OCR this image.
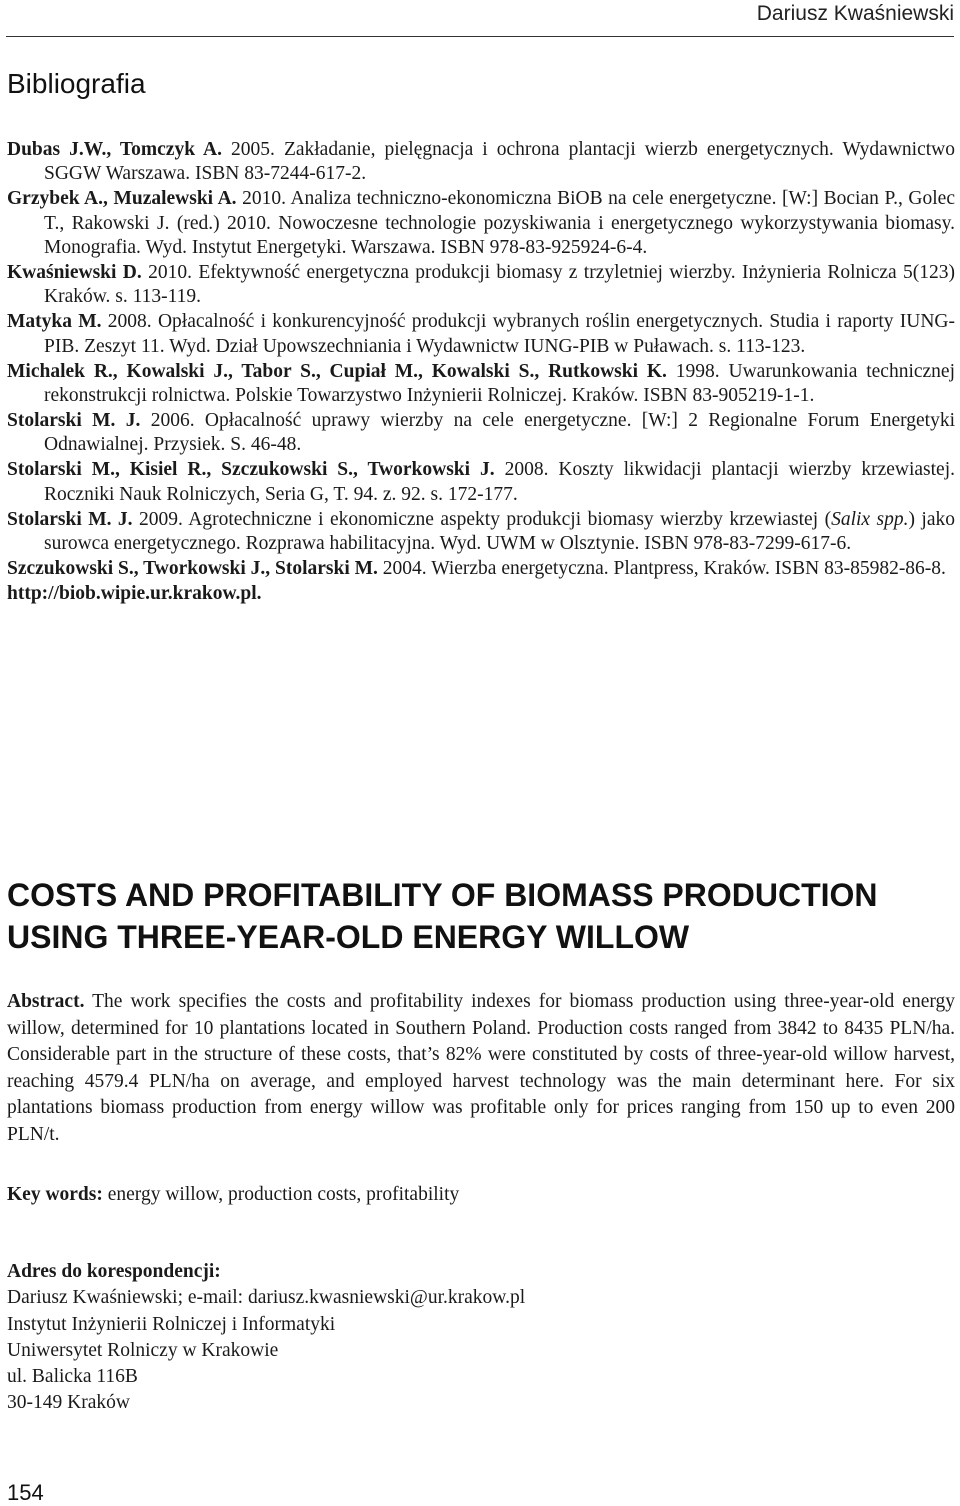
Dariusz Kwaśniewski
Bibliografia

Dubas J.W., Tomczyk A. 2005. Zakładanie, pielęgnacja i ochrona plantacji wierzb energetycznych. Wydawnictwo SGGW Warszawa. ISBN 83-7244-617-2.

Grzybek A., Muzalewski A. 2010. Analiza techniczno-ekonomiczna BiOB na cele energetyczne. [W:] Bocian P., Golec T., Rakowski J. (red.) 2010. Nowoczesne technologie pozyskiwania i energetycznego wykorzystywania biomasy. Monografia. Wyd. Instytut Energetyki. Warszawa. ISBN 978-83-925924-6-4.

Kwaśniewski D. 2010. Efektywność energetyczna produkcji biomasy z trzyletniej wierzby. Inżynieria Rolnicza 5(123) Kraków. s. 113-119.

Matyka M. 2008. Opłacalność i konkurencyjność produkcji wybranych roślin energetycznych. Studia i raporty IUNG-PIB. Zeszyt 11. Wyd. Dział Upowszechniania i Wydawnictw IUNG-PIB w Puławach. s. 113-123.

Michalek R., Kowalski J., Tabor S., Cupiał M., Kowalski S., Rutkowski K. 1998. Uwarunkowania technicznej rekonstrukcji rolnictwa. Polskie Towarzystwo Inżynierii Rolniczej. Kraków. ISBN 83-905219-1-1.

Stolarski M. J. 2006. Opłacalność uprawy wierzby na cele energetyczne. [W:] 2 Regionalne Forum Energetyki Odnawialnej. Przysiek. S. 46-48.

Stolarski M., Kisiel R., Szczukowski S., Tworkowski J. 2008. Koszty likwidacji plantacji wierzby krzewiastej. Roczniki Nauk Rolniczych, Seria G, T. 94. z. 92. s. 172-177.

Stolarski M. J. 2009. Agrotechniczne i ekonomiczne aspekty produkcji biomasy wierzby krzewiastej (Salix spp.) jako surowca energetycznego. Rozprawa habilitacyjna. Wyd. UWM w Olsztynie. ISBN 978-83-7299-617-6.

Szczukowski S., Tworkowski J., Stolarski M. 2004. Wierzba energetyczna. Plantpress, Kraków. ISBN 83-85982-86-8.

http://biob.wipie.ur.krakow.pl.

COSTS AND PROFITABILITY OF BIOMASS PRODUCTION USING THREE-YEAR-OLD ENERGY WILLOW

Abstract. The work specifies the costs and profitability indexes for biomass production using three-year-old energy willow, determined for 10 plantations located in Southern Poland. Production costs ranged from 3842 to 8435 PLN/ha. Considerable part in the structure of these costs, that’s 82% were constituted by costs of three-year-old willow harvest, reaching 4579.4 PLN/ha on average, and employed harvest technology was the main determinant here. For six plantations biomass production from energy willow was profitable only for prices ranging from 150 up to even 200 PLN/t.

Key words: energy willow, production costs, profitability

Adres do korespondencji:
Dariusz Kwaśniewski; e-mail: dariusz.kwasniewski@ur.krakow.pl
Instytut Inżynierii Rolniczej i Informatyki
Uniwersytet Rolniczy w Krakowie
ul. Balicka 116B
30-149 Kraków
154
